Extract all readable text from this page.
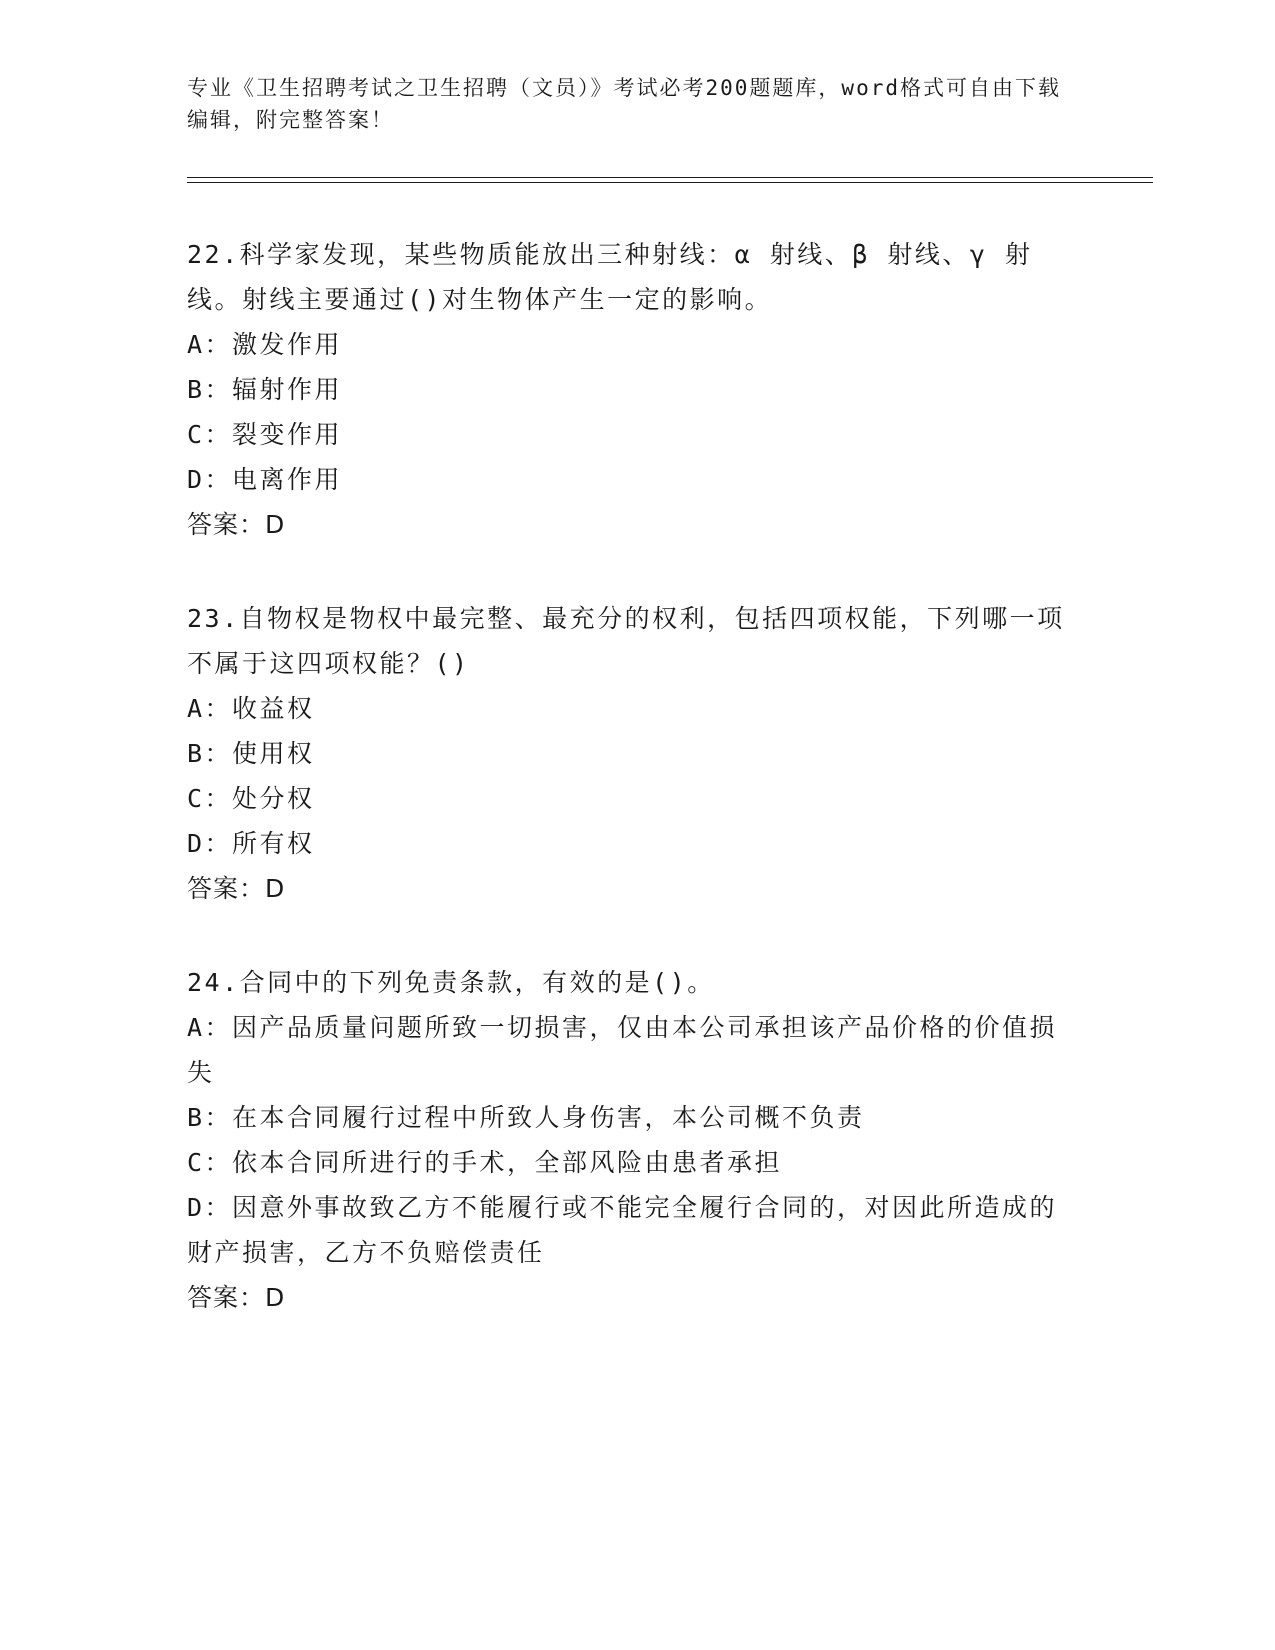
专业《卫生招聘考试之卫生招聘（文员）》考试必考200题题库，word格式可自由下载编辑，附完整答案！

22.科学家发现，某些物质能放出三种射线：α 射线、β 射线、γ 射线。射线主要通过()对生物体产生一定的影响。

A：激发作用

B：辐射作用

C：裂变作用

D：电离作用

答案：D

23.自物权是物权中最完整、最充分的权利，包括四项权能，下列哪一项不属于这四项权能？()

A：收益权

B：使用权

C：处分权

D：所有权

答案：D

24.合同中的下列免责条款，有效的是()。

A：因产品质量问题所致一切损害，仅由本公司承担该产品价格的价值损失

B：在本合同履行过程中所致人身伤害，本公司概不负责

C：依本合同所进行的手术，全部风险由患者承担

D：因意外事故致乙方不能履行或不能完全履行合同的，对因此所造成的财产损害，乙方不负赔偿责任

答案：D
